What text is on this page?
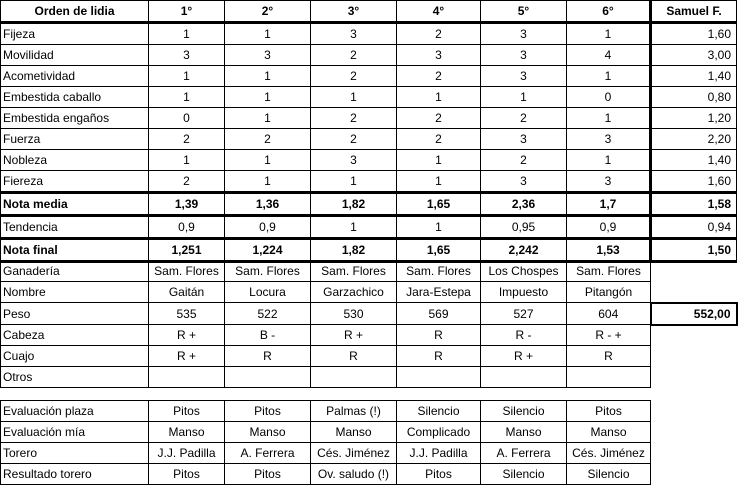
Orden de lidia	1°	2°	3°	4°	5°	6°	Samuel F.
Fijeza	1	1	3	2	3	1	1,60
Movilidad	3	3	2	3	3	4	3,00
Acometividad	1	1	2	2	3	1	1,40
Embestida caballo	1	1	1	1	1	0	0,80
Embestida engaños	0	1	2	2	2	1	1,20
Fuerza	2	2	2	2	3	3	2,20
Nobleza	1	1	3	1	2	1	1,40
Fiereza	2	1	1	1	3	3	1,60
Nota media	1,39	1,36	1,82	1,65	2,36	1,7	1,58
Tendencia	0,9	0,9	1	1	0,95	0,9	0,94
Nota final	1,251	1,224	1,82	1,65	2,242	1,53	1,50
Ganadería	Sam. Flores	Sam. Flores	Sam. Flores	Sam. Flores	Los Chospes	Sam. Flores	
Nombre	Gaitán	Locura	Garzachico	Jara-Estepa	Impuesto	Pitangón	
Peso	535	522	530	569	527	604	552,00
Cabeza	R +	B -	R +	R	R -	R - +	
Cuajo	R +	R	R	R	R +	R	
Otros							
Evaluación plaza	Pitos	Pitos	Palmas (!)	Silencio	Silencio	Pitos
Evaluación mía	Manso	Manso	Manso	Complicado	Manso	Manso
Torero	J.J. Padilla	A. Ferrera	Cés. Jiménez	J.J. Padilla	A. Ferrera	Cés. Jiménez
Resultado torero	Pitos	Pitos	Ov. saludo (!)	Pitos	Silencio	Silencio
